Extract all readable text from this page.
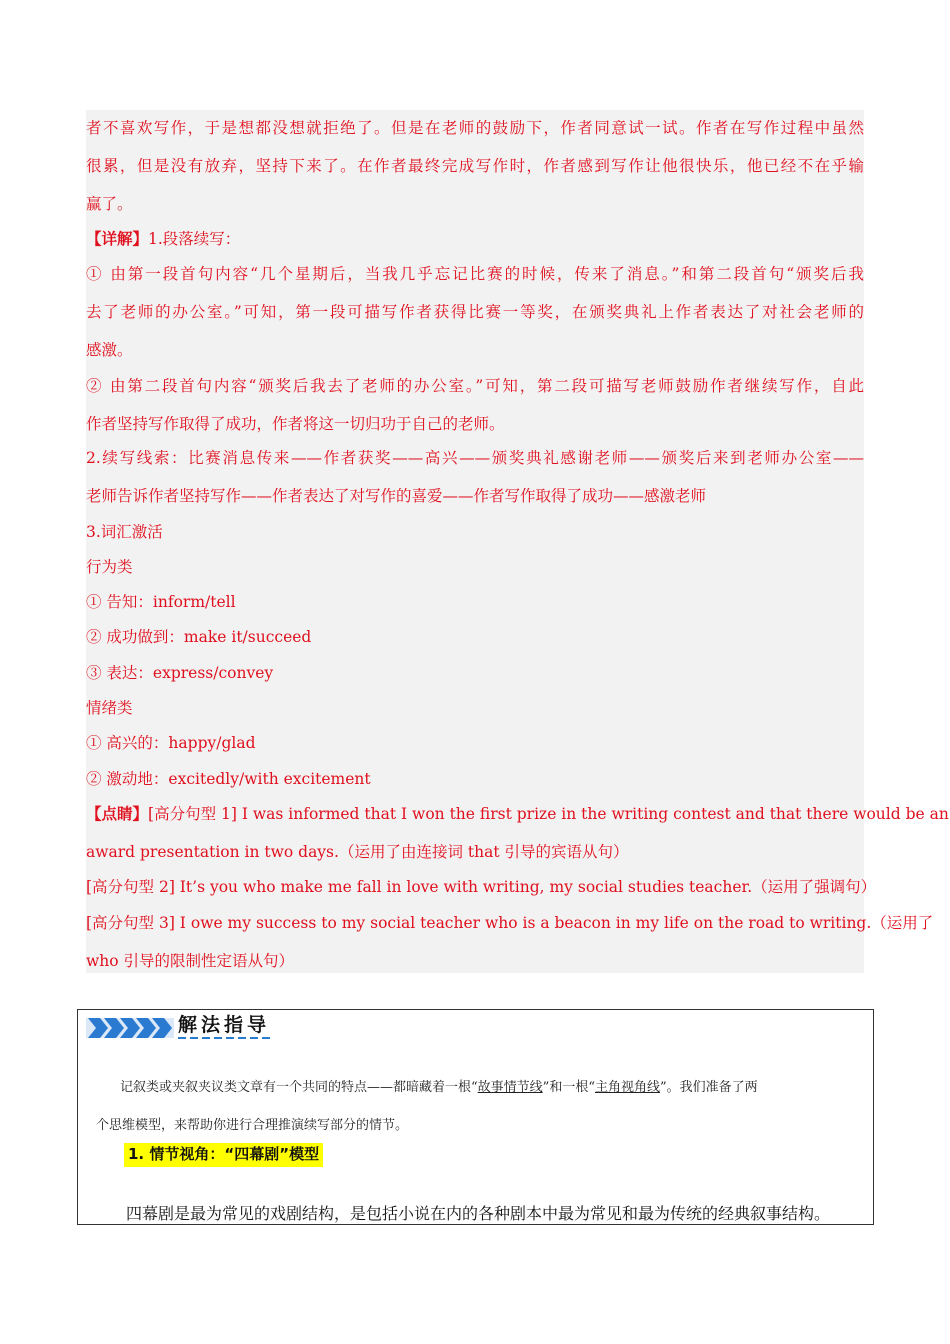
者不喜欢写作，于是想都没想就拒绝了。但是在老师的鼓励下，作者同意试一试。作者在写作过程中虽然
很累，但是没有放弃，坚持下来了。在作者最终完成写作时，作者感到写作让他很快乐，他已经不在乎输
赢了。
【详解】1.段落续写：
① 由第一段首句内容“几个星期后，当我几乎忘记比赛的时候，传来了消息。”和第二段首句“颁奖后我
去了老师的办公室。”可知，第一段可描写作者获得比赛一等奖，在颁奖典礼上作者表达了对社会老师的
感激。
② 由第二段首句内容“颁奖后我去了老师的办公室。”可知，第二段可描写老师鼓励作者继续写作，自此
作者坚持写作取得了成功，作者将这一切归功于自己的老师。
2.续写线索：比赛消息传来——作者获奖——高兴——颁奖典礼感谢老师——颁奖后来到老师办公室——
老师告诉作者坚持写作——作者表达了对写作的喜爱——作者写作取得了成功——感激老师
3.词汇激活
行为类
① 告知：inform/tell
② 成功做到：make it/succeed
③ 表达：express/convey
情绪类
① 高兴的：happy/glad
② 激动地：excitedly/with excitement
【点睛】[高分句型 1] I was informed that I won the first prize in the writing contest and that there would be an
award presentation in two days.（运用了由连接词 that 引导的宾语从句）
[高分句型 2] It’s you who make me fall in love with writing, my social studies teacher.（运用了强调句）
[高分句型 3] I owe my success to my social teacher who is a beacon in my life on the road to writing.（运用了
who 引导的限制性定语从句）
解法指导
记叙类或夹叙夹议类文章有一个共同的特点——都暗藏着一根“故事情节线”和一根“主角视角线”。我们准备了两
个思维模型，来帮助你进行合理推演续写部分的情节。
1. 情节视角：“四幕剧”模型
四幕剧是最为常见的戏剧结构，是包括小说在内的各种剧本中最为常见和最为传统的经典叙事结构。
